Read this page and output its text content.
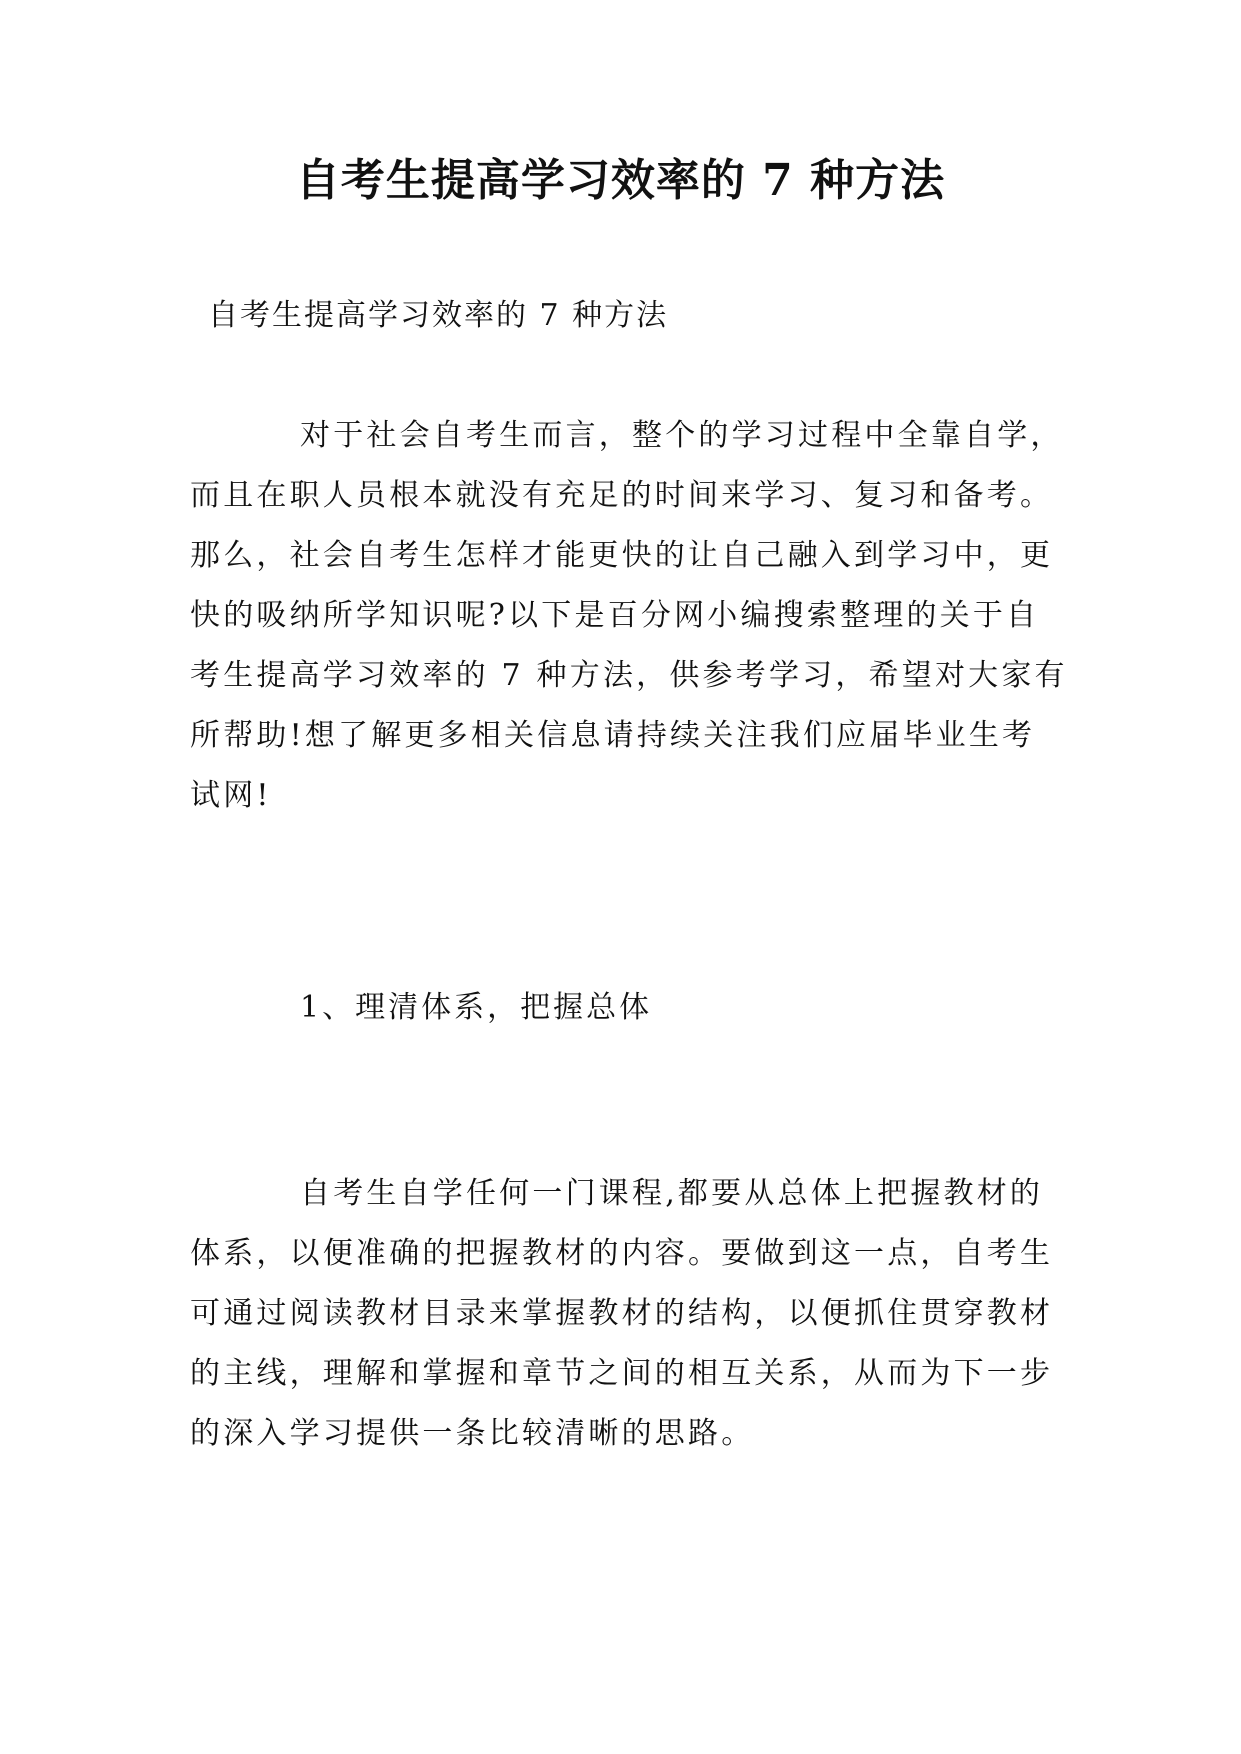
自考生提高学习效率的 7 种方法

自考生提高学习效率的 7 种方法

对于社会自考生而言，整个的学习过程中全靠自学，
而且在职人员根本就没有充足的时间来学习、复习和备考。
那么，社会自考生怎样才能更快的让自己融入到学习中，更
快的吸纳所学知识呢?以下是百分网小编搜索整理的关于自
考生提高学习效率的 7 种方法，供参考学习，希望对大家有
所帮助!想了解更多相关信息请持续关注我们应届毕业生考
试网!

1、理清体系，把握总体

自考生自学任何一门课程,都要从总体上把握教材的
体系，以便准确的把握教材的内容。要做到这一点，自考生
可通过阅读教材目录来掌握教材的结构，以便抓住贯穿教材
的主线，理解和掌握和章节之间的相互关系，从而为下一步
的深入学习提供一条比较清晰的思路。
